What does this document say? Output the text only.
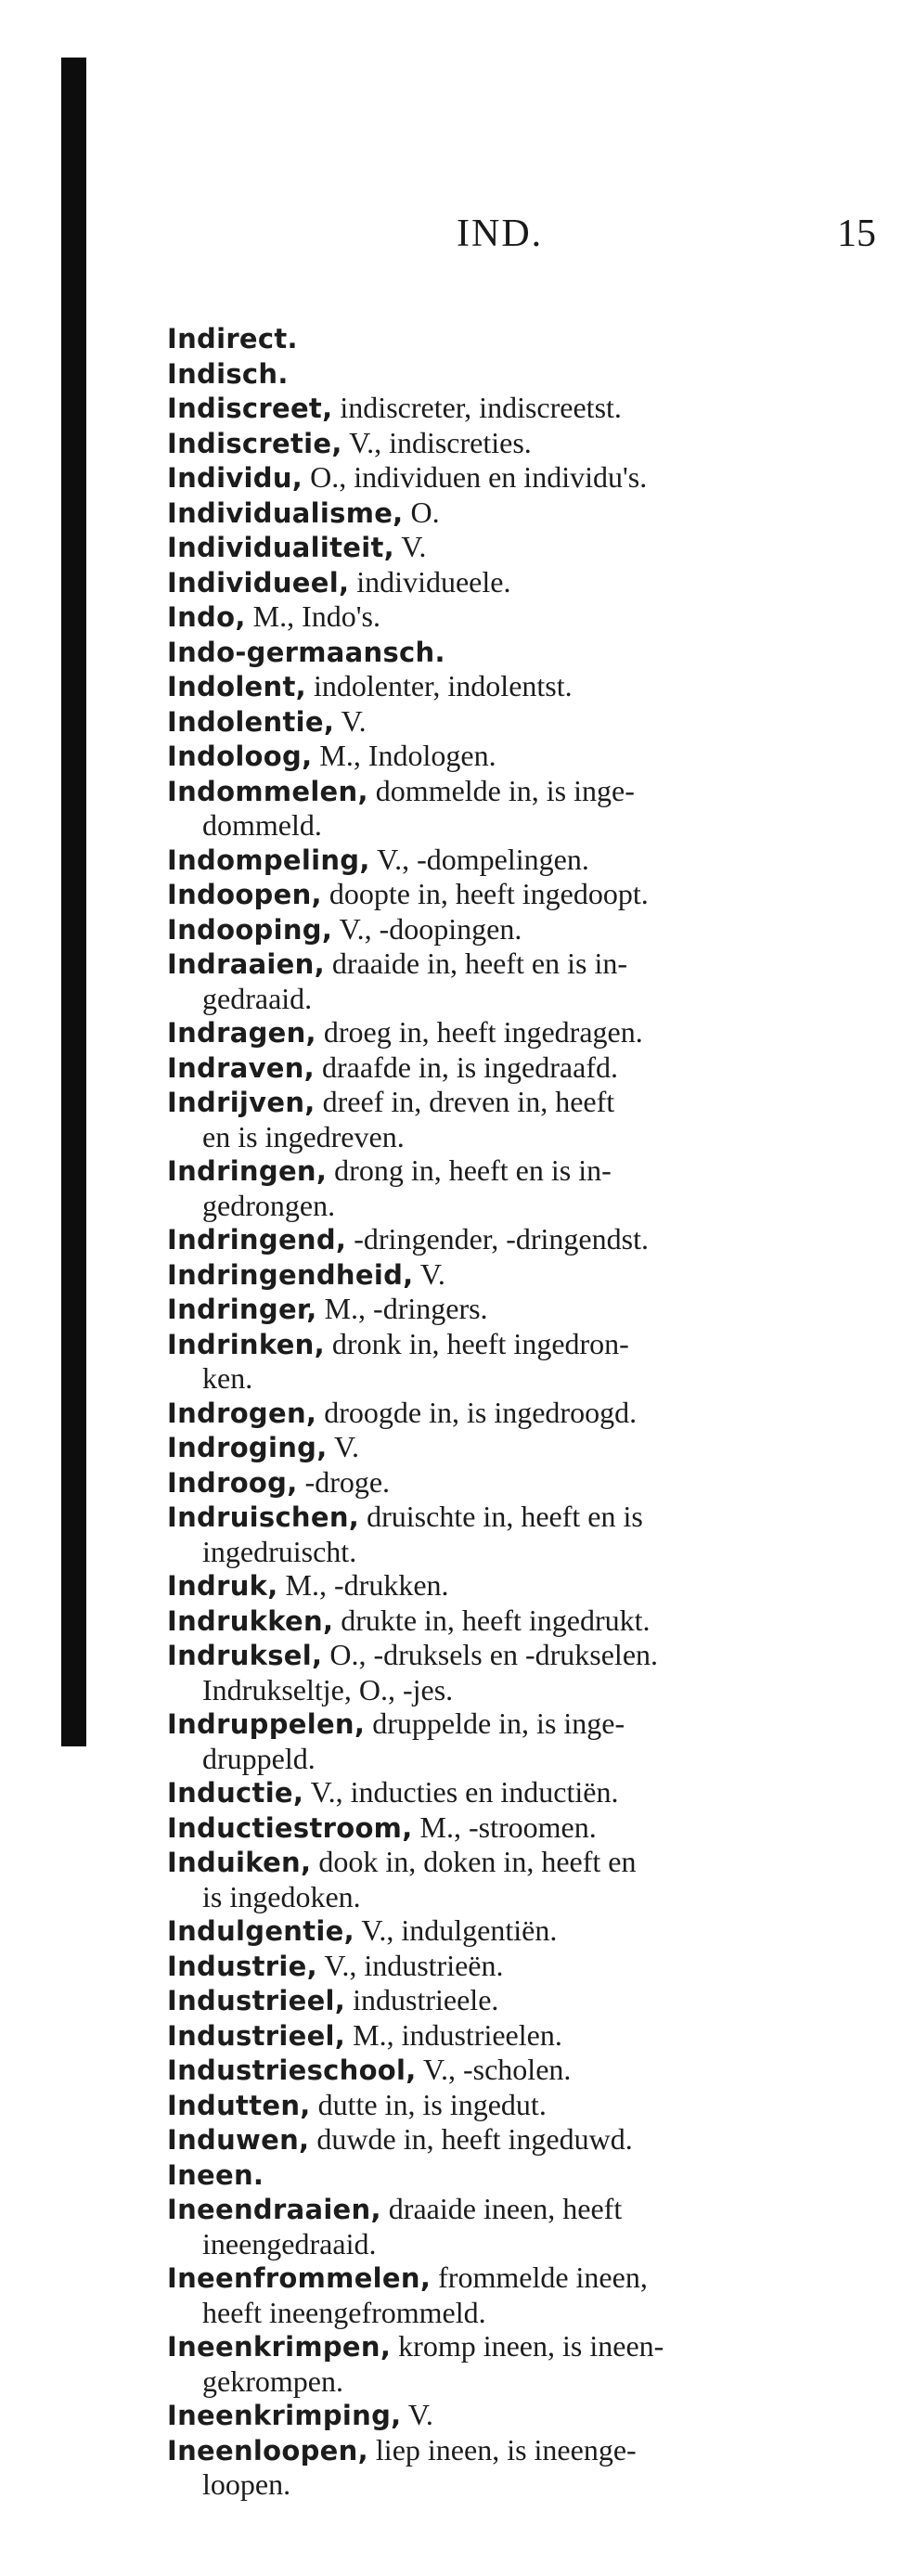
IND.	15
Indirect.
Indisch.
Indiscreet, indiscreter, indiscreetst.
Indiscretie, V., indiscreties.
Individu, O., individuen en individu's.
Individualisme, O.
Individualiteit, V.
Individueel, individueele.
Indo, M., Indo's.
Indo-germaansch.
Indolent, indolenter, indolentst.
Indolentie, V.
Indoloog, M., Indologen.
Indommelen, dommelde in, is inge-
dommeld.
Indompeling, V., -dompelingen.
Indoopen, doopte in, heeft ingedoopt.
Indooping, V., -doopingen.
Indraaien, draaide in, heeft en is in-
gedraaid.
Indragen, droeg in, heeft ingedragen.
Indraven, draafde in, is ingedraafd.
Indrijven, dreef in, dreven in, heeft
en is ingedreven.
Indringen, drong in, heeft en is in-
gedrongen.
Indringend, -dringender, -dringendst.
Indringendheid, V.
Indringer, M., -dringers.
Indrinken, dronk in, heeft ingedron-
ken.
Indrogen, droogde in, is ingedroogd.
Indroging, V.
Indroog, -droge.
Indruischen, druischte in, heeft en is
ingedruischt.
Indruk, M., -drukken.
Indrukken, drukte in, heeft ingedrukt.
Indruksel, O., -druksels en -drukselen.
Indrukseltje, O., -jes.
Indruppelen, druppelde in, is inge-
druppeld.
Inductie, V., inducties en inductiën.
Inductiestroom, M., -stroomen.
Induiken, dook in, doken in, heeft en
is ingedoken.
Indulgentie, V., indulgentiën.
Industrie, V., industrieën.
Industrieel, industrieele.
Industrieel, M., industrieelen.
Industrieschool, V., -scholen.
Indutten, dutte in, is ingedut.
Induwen, duwde in, heeft ingeduwd.
Ineen.
Ineendraaien, draaide ineen, heeft
ineengedraaid.
Ineenfrommelen, frommelde ineen,
heeft ineengefrommeld.
Ineenkrimpen, kromp ineen, is ineen-
gekrompen.
Ineenkrimping, V.
Ineenloopen, liep ineen, is ineenge-
loopen.
